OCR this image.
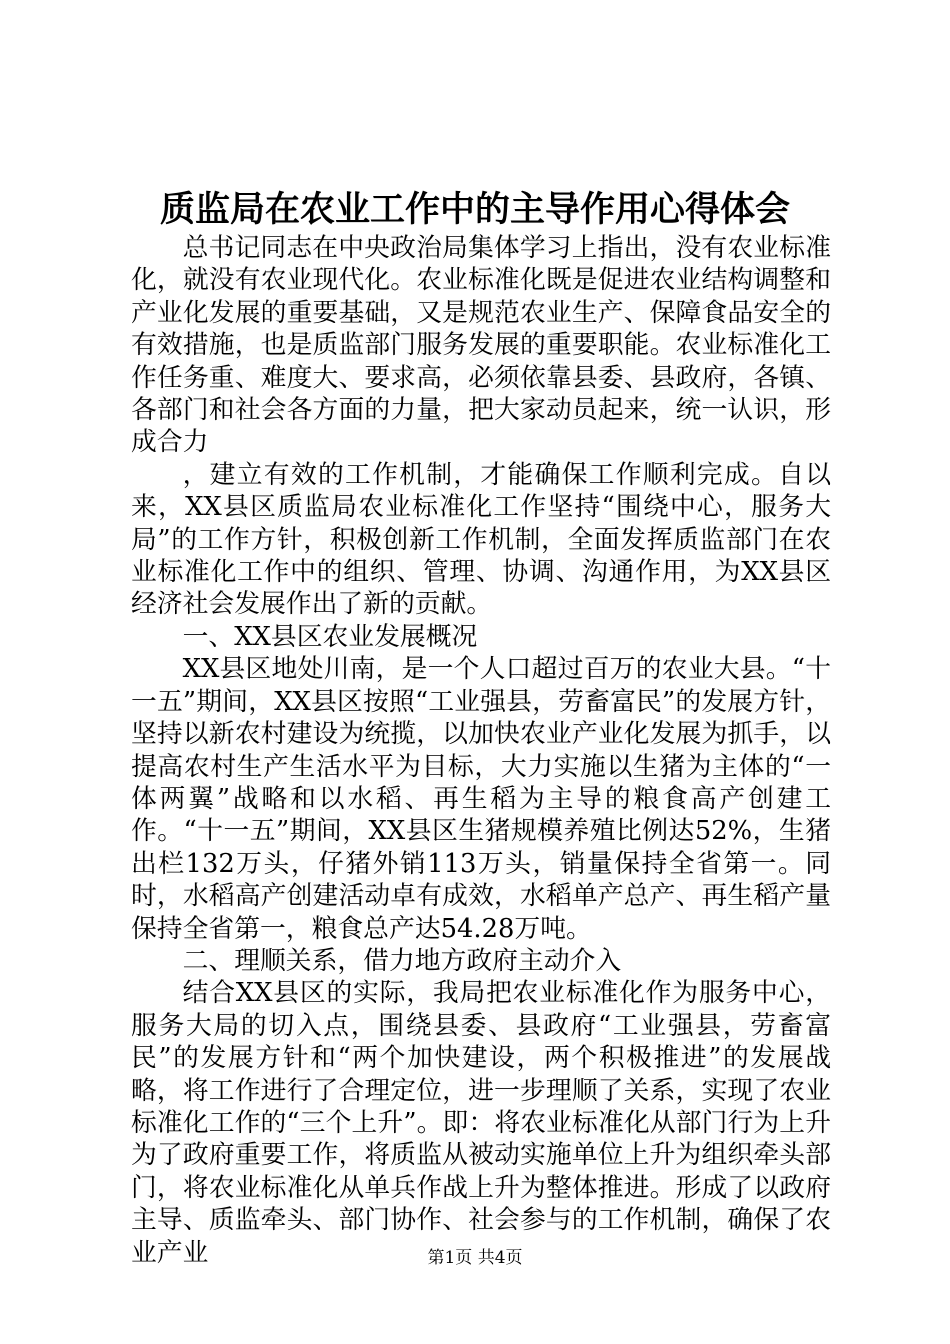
质监局在农业工作中的主导作用心得体会

总书记同志在中央政治局集体学习上指出，没有农业标准化，就没有农业现代化。农业标准化既是促进农业结构调整和产业化发展的重要基础，又是规范农业生产、保障食品安全的有效措施，也是质监部门服务发展的重要职能。农业标准化工作任务重、难度大、要求高，必须依靠县委、县政府，各镇、各部门和社会各方面的力量，把大家动员起来，统一认识，形成合力

，建立有效的工作机制，才能确保工作顺利完成。自以来，XX县区质监局农业标准化工作坚持“围绕中心，服务大局”的工作方针，积极创新工作机制，全面发挥质监部门在农业标准化工作中的组织、管理、协调、沟通作用，为XX县区经济社会发展作出了新的贡献。

一、XX县区农业发展概况

XX县区地处川南，是一个人口超过百万的农业大县。“十一五”期间，XX县区按照“工业强县，劳畜富民”的发展方针，坚持以新农村建设为统揽，以加快农业产业化发展为抓手，以提高农村生产生活水平为目标，大力实施以生猪为主体的“一体两翼”战略和以水稻、再生稻为主导的粮食高产创建工作。“十一五”期间，XX县区生猪规模养殖比例达52%，生猪出栏132万头，仔猪外销113万头，销量保持全省第一。同时，水稻高产创建活动卓有成效，水稻单产总产、再生稻产量保持全省第一，粮食总产达54.28万吨。

二、理顺关系，借力地方政府主动介入

结合XX县区的实际，我局把农业标准化作为服务中心，服务大局的切入点，围绕县委、县政府“工业强县，劳畜富民”的发展方针和“两个加快建设，两个积极推进”的发展战略，将工作进行了合理定位，进一步理顺了关系，实现了农业标准化工作的“三个上升”。即：将农业标准化从部门行为上升为了政府重要工作，将质监从被动实施单位上升为组织牵头部门，将农业标准化从单兵作战上升为整体推进。形成了以政府主导、质监牵头、部门协作、社会参与的工作机制，确保了农业产业	第1页 共4页
